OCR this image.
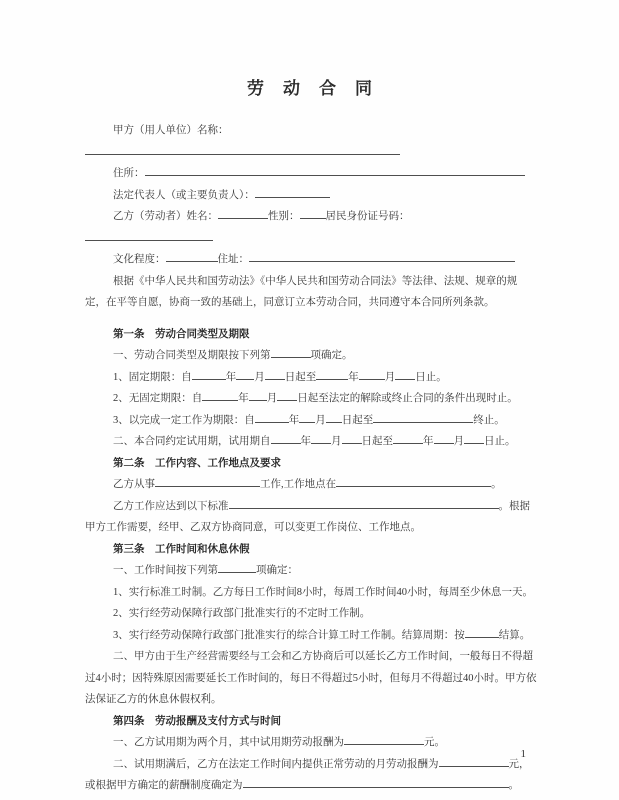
劳动合同

甲方（用人单位）名称：

住所：

法定代表人（或主要负责人）：

乙方（劳动者）姓名：	性别： 居民身份证号码：

文化程度：	住址：

根据《中华人民共和国劳动法》《中华人民共和国劳动合同法》等法律、法规、规章的规定，在平等自愿，协商一致的基础上，同意订立本劳动合同，共同遵守本合同所列条款。

第一条　劳动合同类型及期限

一、劳动合同类型及期限按下列第	项确定。

1、固定期限：自	年 月 日起至	年 月 日止。

2、无固定期限：自	年 月 日起至法定的解除或终止合同的条件出现时止。

3、以完成一定工作为期限：自	年 月 日起至	终止。

二、本合同约定试用期，试用期自	年 月 日起至	年 月 日止。

第二条　工作内容、工作地点及要求

乙方从事	工作,工作地点在	。

乙方工作应达到以下标准	。根据甲方工作需要，经甲、乙双方协商同意，可以变更工作岗位、工作地点。

第三条　工作时间和休息休假

一、工作时间按下列第	项确定：

1、实行标准工时制。乙方每日工作时间8小时，每周工作时间40小时，每周至少休息一天。

2、实行经劳动保障行政部门批准实行的不定时工作制。

3、实行经劳动保障行政部门批准实行的综合计算工时工作制。结算周期：按	结算。

二、甲方由于生产经营需要经与工会和乙方协商后可以延长乙方工作时间，一般每日不得超过4小时；因特殊原因需要延长工作时间的，每日不得超过5小时，但每月不得超过40小时。甲方依法保证乙方的休息休假权利。

第四条　劳动报酬及支付方式与时间

一、乙方试用期为两个月，其中试用期劳动报酬为	元。

二、试用期满后，乙方在法定工作时间内提供正常劳动的月劳动报酬为	元，或根据甲方确定的薪酬制度确定为	。

1
